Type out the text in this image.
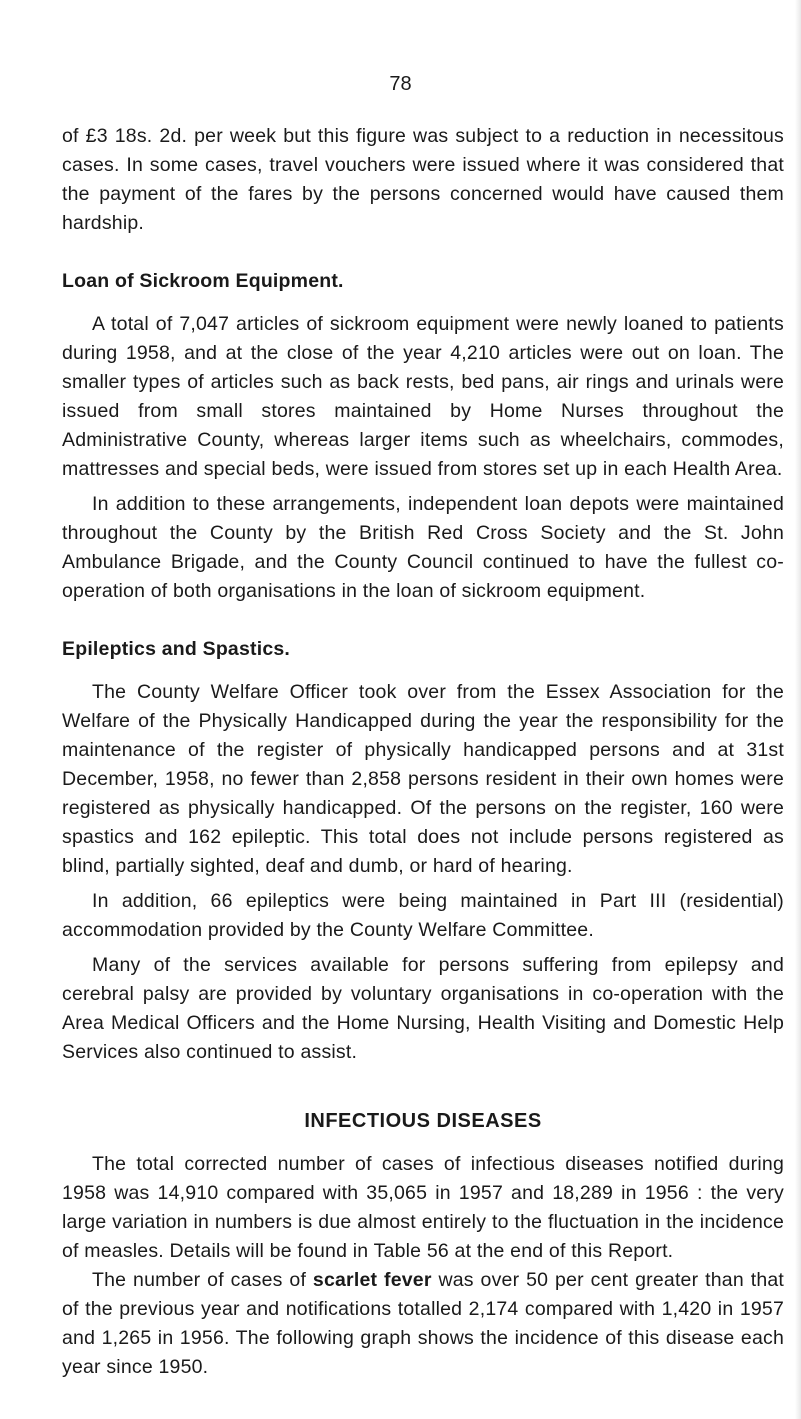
78

of £3 18s. 2d. per week but this figure was subject to a reduction in necessitous cases. In some cases, travel vouchers were issued where it was considered that the payment of the fares by the persons concerned would have caused them hardship.

Loan of Sickroom Equipment.

A total of 7,047 articles of sickroom equipment were newly loaned to patients during 1958, and at the close of the year 4,210 articles were out on loan. The smaller types of articles such as back rests, bed pans, air rings and urinals were issued from small stores maintained by Home Nurses throughout the Administrative County, whereas larger items such as wheelchairs, commodes, mattresses and special beds, were issued from stores set up in each Health Area.

In addition to these arrangements, independent loan depots were maintained throughout the County by the British Red Cross Society and the St. John Ambulance Brigade, and the County Council continued to have the fullest co-operation of both organisations in the loan of sickroom equipment.

Epileptics and Spastics.

The County Welfare Officer took over from the Essex Association for the Welfare of the Physically Handicapped during the year the responsibility for the maintenance of the register of physically handicapped persons and at 31st December, 1958, no fewer than 2,858 persons resident in their own homes were registered as physically handicapped. Of the persons on the register, 160 were spastics and 162 epileptic. This total does not include persons registered as blind, partially sighted, deaf and dumb, or hard of hearing.

In addition, 66 epileptics were being maintained in Part III (residential) accommodation provided by the County Welfare Committee.

Many of the services available for persons suffering from epilepsy and cerebral palsy are provided by voluntary organisations in co-operation with the Area Medical Officers and the Home Nursing, Health Visiting and Domestic Help Services also continued to assist.

INFECTIOUS DISEASES

The total corrected number of cases of infectious diseases notified during 1958 was 14,910 compared with 35,065 in 1957 and 18,289 in 1956 : the very large variation in numbers is due almost entirely to the fluctuation in the incidence of measles. Details will be found in Table 56 at the end of this Report.

The number of cases of scarlet fever was over 50 per cent greater than that of the previous year and notifications totalled 2,174 compared with 1,420 in 1957 and 1,265 in 1956. The following graph shows the incidence of this disease each year since 1950.
